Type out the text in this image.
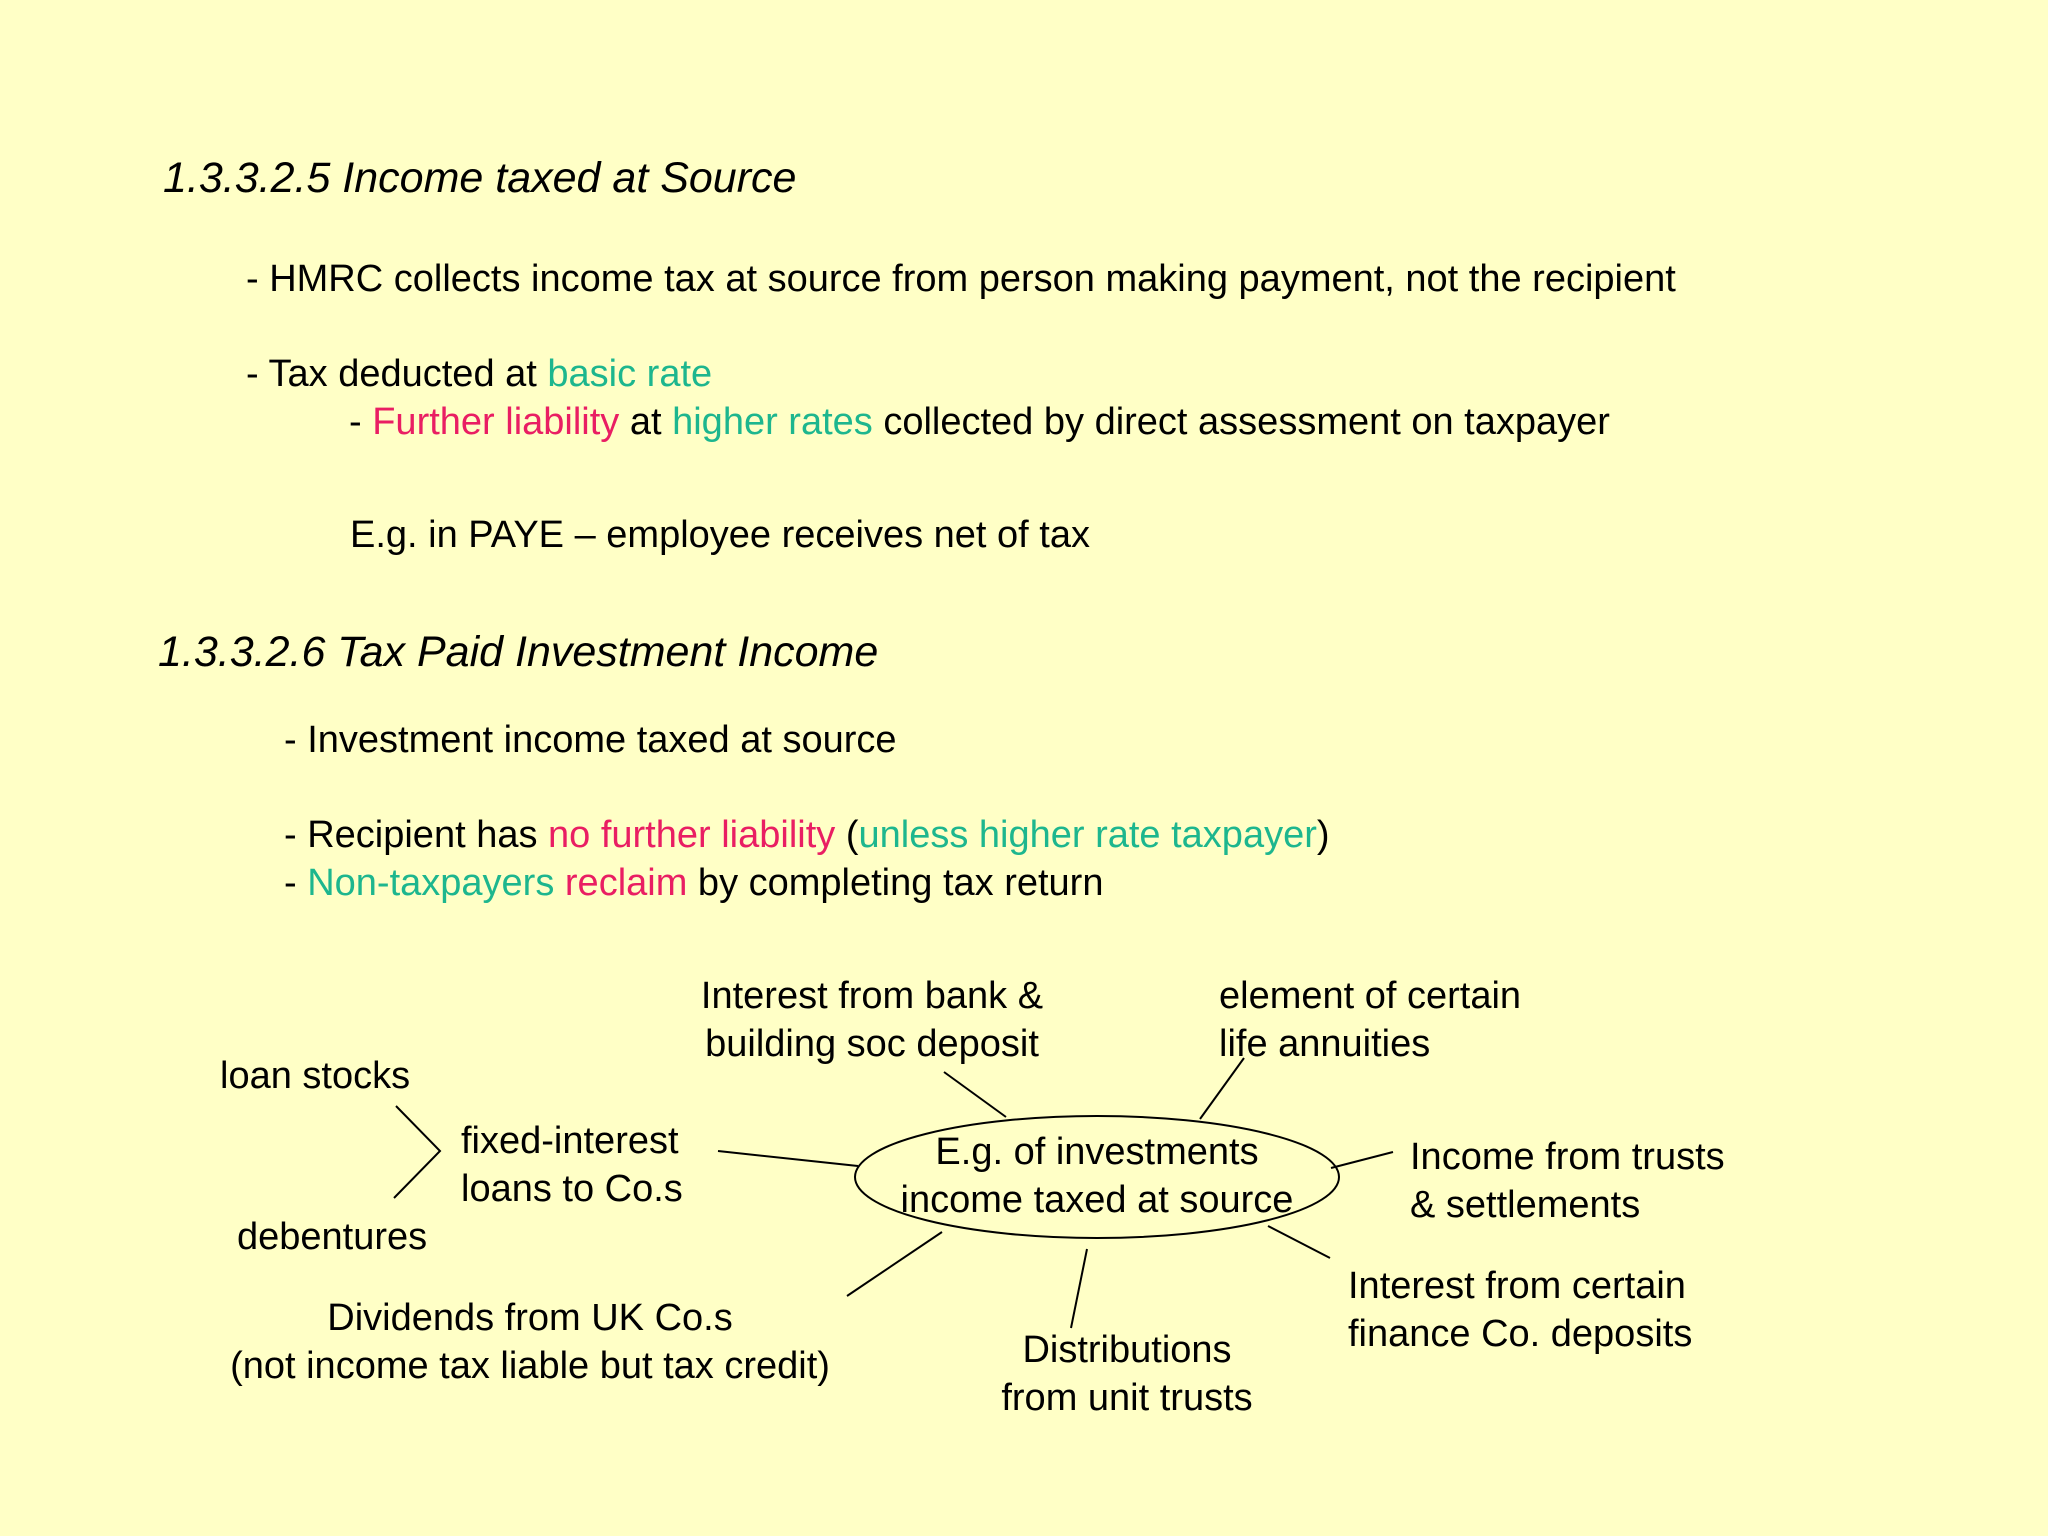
1.3.3.2.5 Income taxed at Source
- HMRC collects income tax at source from person making payment, not the recipient
- Tax deducted at basic rate
- Further liability at higher rates collected by direct assessment on taxpayer
E.g. in PAYE – employee receives net of tax
1.3.3.2.6 Tax Paid Investment Income
- Investment income taxed at source
- Recipient has no further liability (unless higher rate taxpayer)
- Non-taxpayers reclaim by completing tax return
E.g. of investments
income taxed at source
Interest from bank &
building soc deposit
element of certain
life annuities
Income from trusts
& settlements
Interest from certain
finance Co. deposits
Distributions
from unit trusts
Dividends from UK Co.s
(not income tax liable but tax credit)
fixed-interest
loans to Co.s
loan stocks
debentures
